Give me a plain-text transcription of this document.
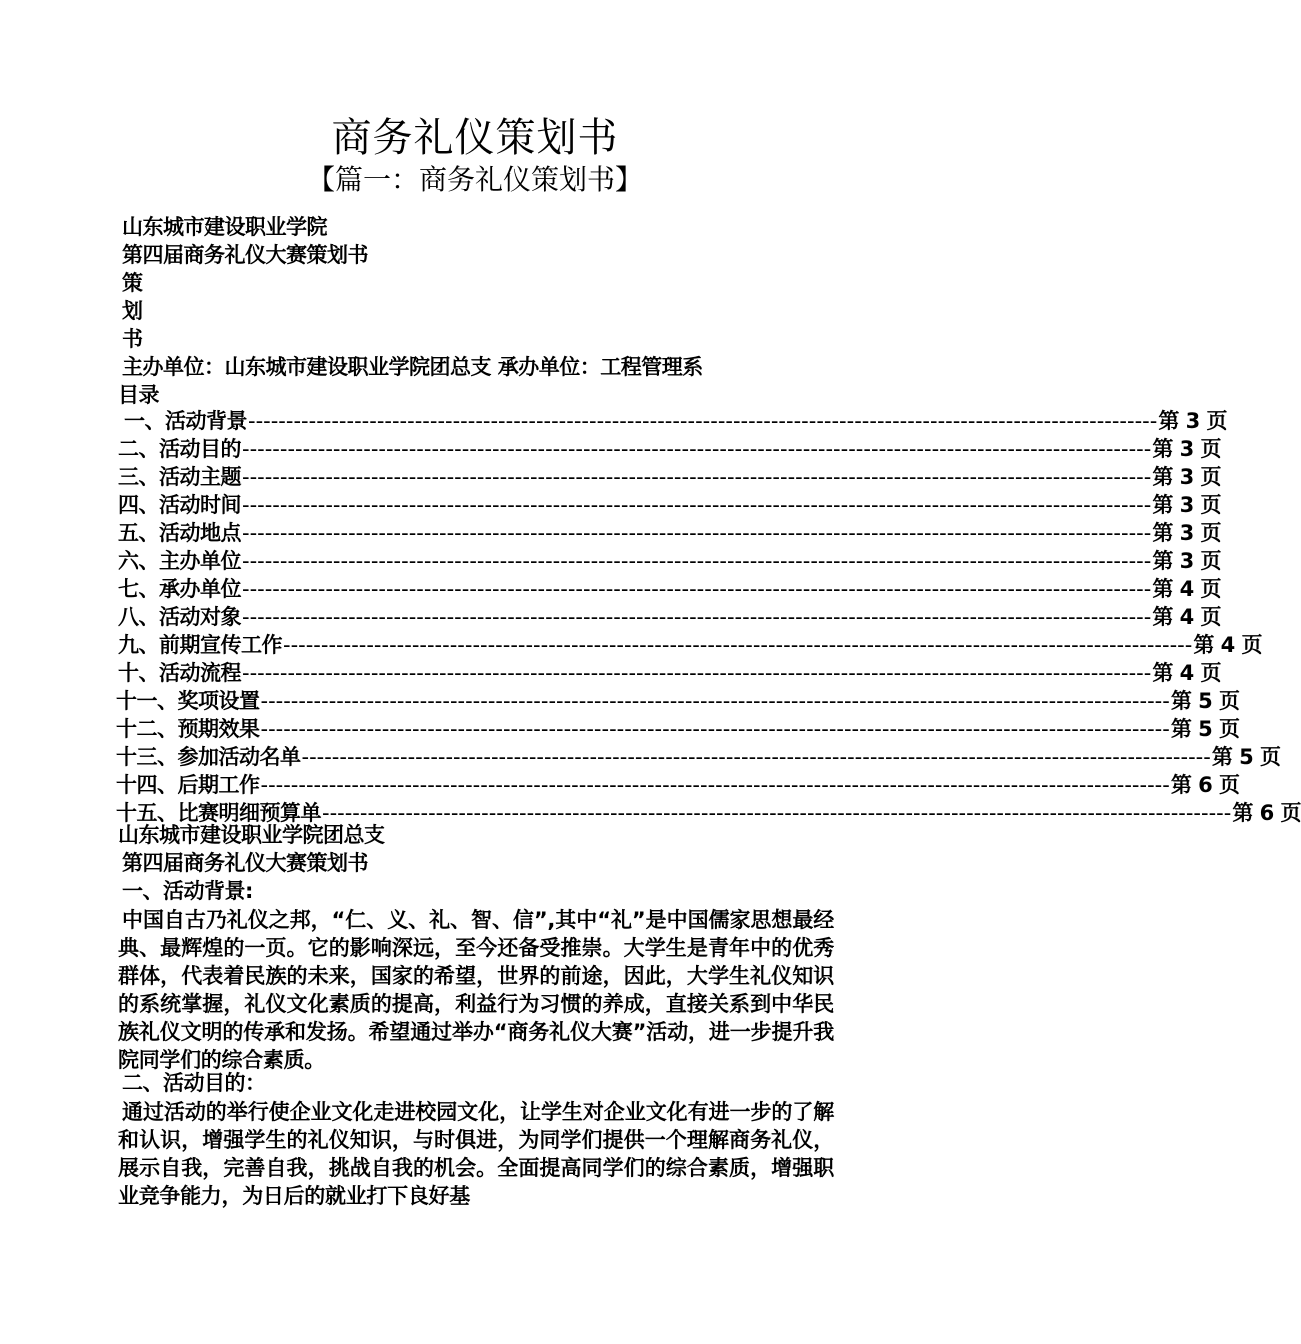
商务礼仪策划书
【篇一：商务礼仪策划书】
山东城市建设职业学院
第四届商务礼仪大赛策划书
策
划
书
主办单位：山东城市建设职业学院团总支 承办单位：工程管理系
目录
一、活动背景 ------------------------------------------------------------------------------------------------------------------------ 第 3 页
二、活动目的 ------------------------------------------------------------------------------------------------------------------------ 第 3 页
三、活动主题 ------------------------------------------------------------------------------------------------------------------------ 第 3 页
四、活动时间 ------------------------------------------------------------------------------------------------------------------------ 第 3 页
五、活动地点 ------------------------------------------------------------------------------------------------------------------------ 第 3 页
六、主办单位 ------------------------------------------------------------------------------------------------------------------------ 第 3 页
七、承办单位 ------------------------------------------------------------------------------------------------------------------------ 第 4 页
八、活动对象 ------------------------------------------------------------------------------------------------------------------------ 第 4 页
九、前期宣传工作 ------------------------------------------------------------------------------------------------------------------------ 第 4 页
十、活动流程 ------------------------------------------------------------------------------------------------------------------------ 第 4 页
十一、奖项设置 ------------------------------------------------------------------------------------------------------------------------ 第 5 页
十二、预期效果 ------------------------------------------------------------------------------------------------------------------------ 第 5 页
十三、参加活动名单 ------------------------------------------------------------------------------------------------------------------------ 第 5 页
十四、后期工作 ------------------------------------------------------------------------------------------------------------------------ 第 6 页
十五、比赛明细预算单 ------------------------------------------------------------------------------------------------------------------------ 第 6 页
山东城市建设职业学院团总支
第四届商务礼仪大赛策划书
一、活动背景:
中国自古乃礼仪之邦，“仁、义、礼、智、信”,其中“礼”是中国儒家思想最经典、最辉煌的一页。它的影响深远，至今还备受推崇。大学生是青年中的优秀群体，代表着民族的未来，国家的希望，世界的前途，因此，大学生礼仪知识的系统掌握，礼仪文化素质的提高，利益行为习惯的养成，直接关系到中华民族礼仪文明的传承和发扬。希望通过举办“商务礼仪大赛”活动，进一步提升我院同学们的综合素质。
二、活动目的：
通过活动的举行使企业文化走进校园文化，让学生对企业文化有进一步的了解和认识，增强学生的礼仪知识，与时俱进，为同学们提供一个理解商务礼仪，展示自我，完善自我，挑战自我的机会。全面提高同学们的综合素质，增强职业竞争能力，为日后的就业打下良好基
